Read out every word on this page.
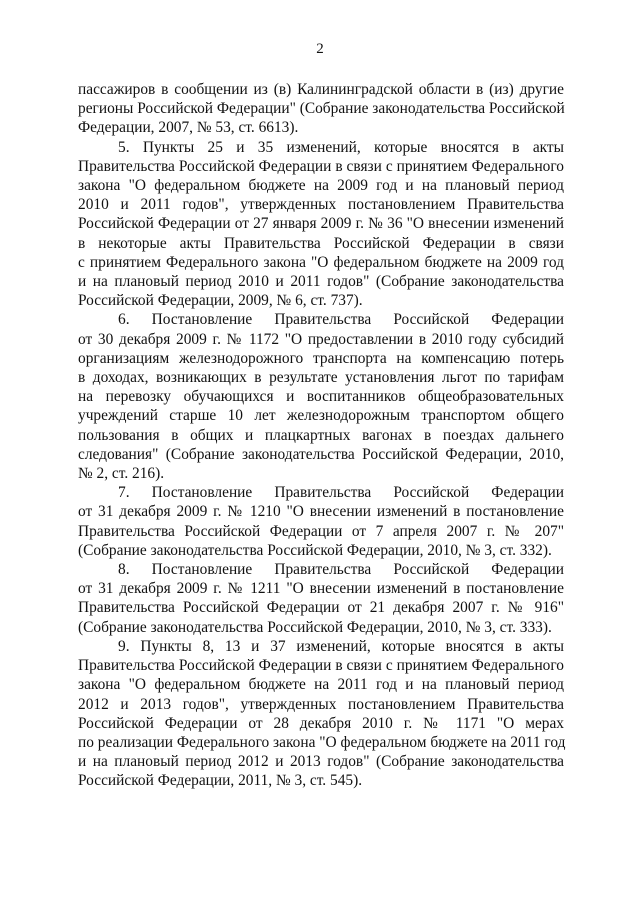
2

пассажиров в сообщении из (в) Калининградской области в (из) другие
регионы Российской Федерации" (Собрание законодательства Российской
Федерации, 2007, № 53, ст. 6613).

5. Пункты 25 и 35 изменений, которые вносятся в акты
Правительства Российской Федерации в связи с принятием Федерального
закона "О федеральном бюджете на 2009 год и на плановый период
2010 и 2011 годов", утвержденных постановлением Правительства
Российской Федерации от 27 января 2009 г. № 36 "О внесении изменений
в некоторые акты Правительства Российской Федерации в связи
с принятием Федерального закона "О федеральном бюджете на 2009 год
и на плановый период 2010 и 2011 годов" (Собрание законодательства
Российской Федерации, 2009, № 6, ст. 737).

6. Постановление Правительства Российской Федерации
от 30 декабря 2009 г. № 1172 "О предоставлении в 2010 году субсидий
организациям железнодорожного транспорта на компенсацию потерь
в доходах, возникающих в результате установления льгот по тарифам
на перевозку обучающихся и воспитанников общеобразовательных
учреждений старше 10 лет железнодорожным транспортом общего
пользования в общих и плацкартных вагонах в поездах дальнего
следования" (Собрание законодательства Российской Федерации, 2010,
№ 2, ст. 216).

7. Постановление Правительства Российской Федерации
от 31 декабря 2009 г. № 1210 "О внесении изменений в постановление
Правительства Российской Федерации от 7 апреля 2007 г. № 207"
(Собрание законодательства Российской Федерации, 2010, № 3, ст. 332).

8. Постановление Правительства Российской Федерации
от 31 декабря 2009 г. № 1211 "О внесении изменений в постановление
Правительства Российской Федерации от 21 декабря 2007 г. № 916"
(Собрание законодательства Российской Федерации, 2010, № 3, ст. 333).

9. Пункты 8, 13 и 37 изменений, которые вносятся в акты
Правительства Российской Федерации в связи с принятием Федерального
закона "О федеральном бюджете на 2011 год и на плановый период
2012 и 2013 годов", утвержденных постановлением Правительства
Российской Федерации от 28 декабря 2010 г. № 1171 "О мерах
по реализации Федерального закона "О федеральном бюджете на 2011 год
и на плановый период 2012 и 2013 годов" (Собрание законодательства
Российской Федерации, 2011, № 3, ст. 545).
